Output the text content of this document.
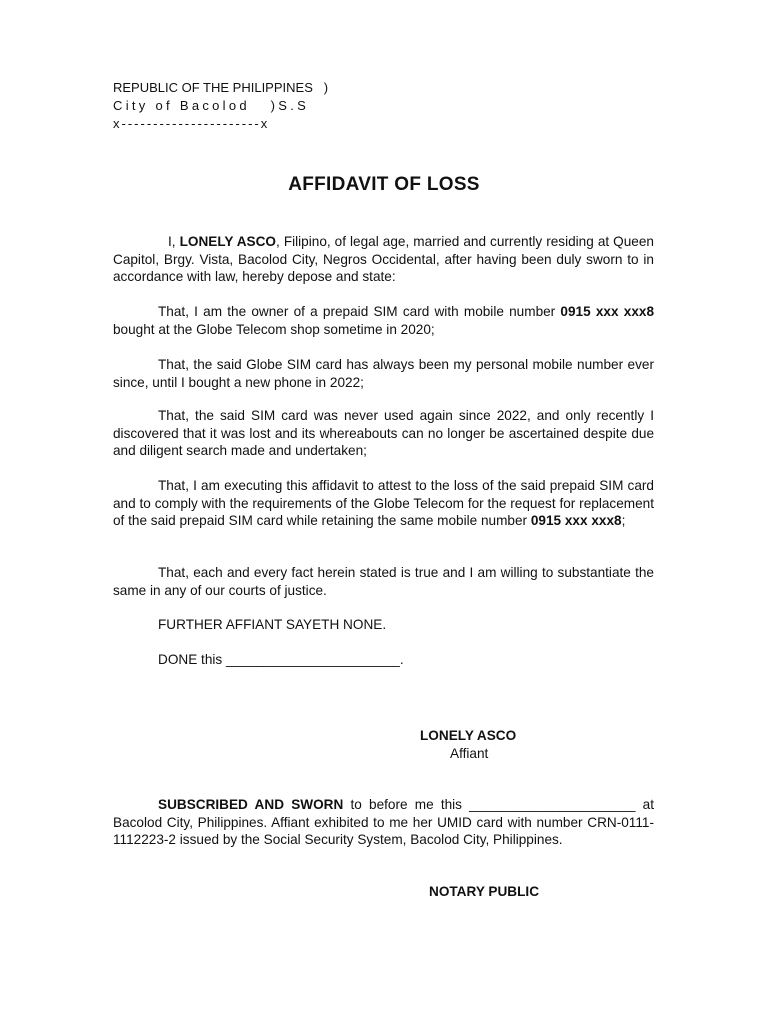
REPUBLIC OF THE PHILIPPINES   )
City of Bacolod   )S.S
x----------------------x
AFFIDAVIT OF LOSS
I, LONELY ASCO, Filipino, of legal age, married and currently residing at Queen Capitol, Brgy. Vista, Bacolod City, Negros Occidental, after having been duly sworn to in accordance with law, hereby depose and state:
That, I am the owner of a prepaid SIM card with mobile number 0915 xxx xxx8 bought at the Globe Telecom shop sometime in 2020;
That, the said Globe SIM card has always been my personal mobile number ever since, until I bought a new phone in 2022;
That, the said SIM card was never used again since 2022, and only recently I discovered that it was lost and its whereabouts can no longer be ascertained despite due and diligent search made and undertaken;
That, I am executing this affidavit to attest to the loss of the said prepaid SIM card and to comply with the requirements of the Globe Telecom for the request for replacement of the said prepaid SIM card while retaining the same mobile number 0915 xxx xxx8;
That, each and every fact herein stated is true and I am willing to substantiate the same in any of our courts of justice.
FURTHER AFFIANT SAYETH NONE.
DONE this _______________________.
LONELY ASCO
Affiant
SUBSCRIBED AND SWORN to before me this ______________________ at Bacolod City, Philippines. Affiant exhibited to me her UMID card with number CRN-0111-1112223-2 issued by the Social Security System, Bacolod City, Philippines.
NOTARY PUBLIC
